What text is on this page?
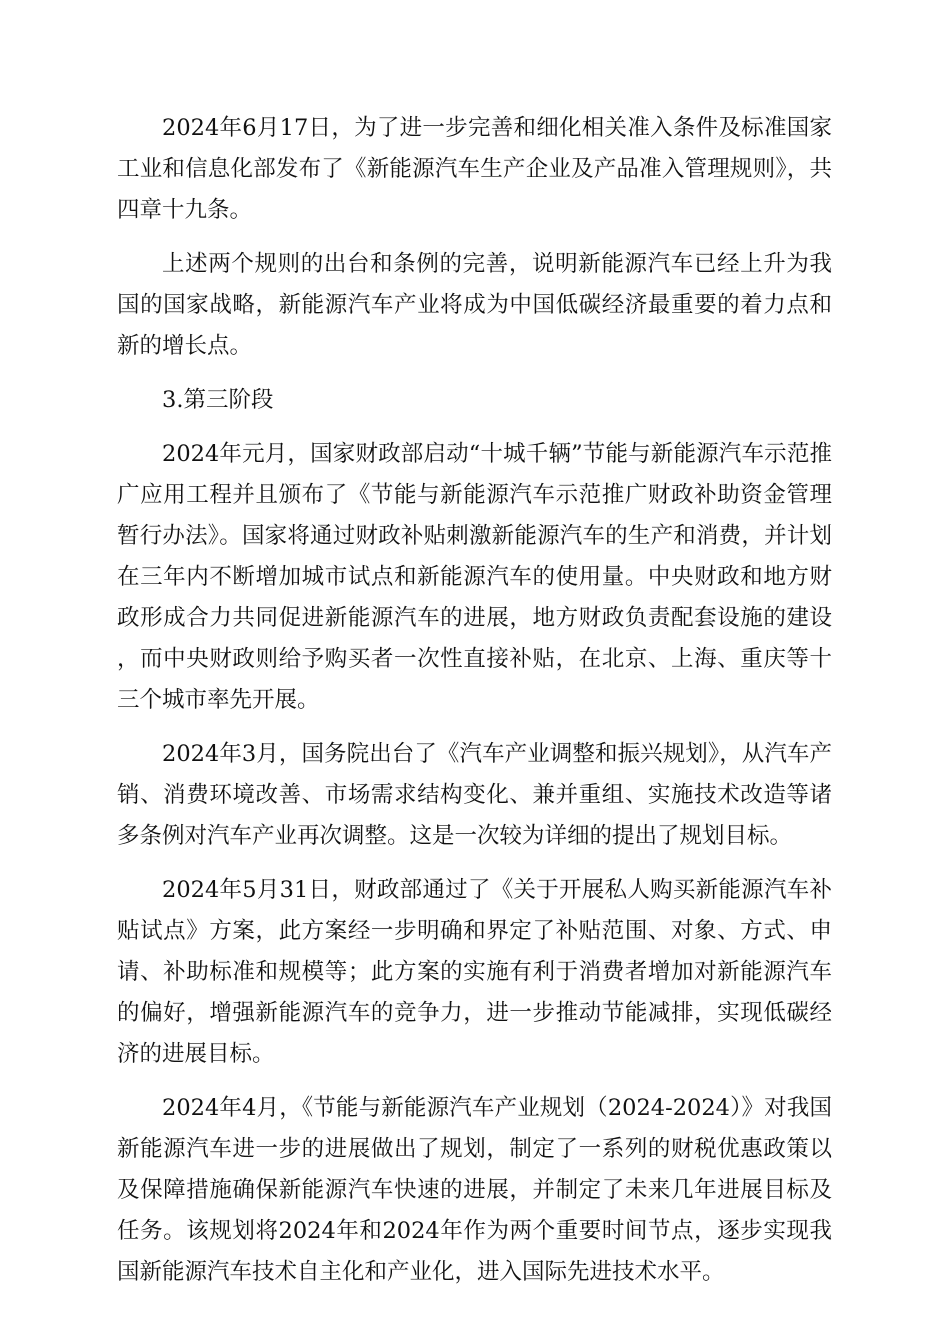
2024年6月17日，为了进一步完善和细化相关准入条件及标准国家工业和信息化部发布了《新能源汽车生产企业及产品准入管理规则》，共四章十九条。

上述两个规则的出台和条例的完善，说明新能源汽车已经上升为我国的国家战略，新能源汽车产业将成为中国低碳经济最重要的着力点和新的增长点。

3.第三阶段

2024年元月，国家财政部启动“十城千辆”节能与新能源汽车示范推广应用工程并且颁布了《节能与新能源汽车示范推广财政补助资金管理暂行办法》。国家将通过财政补贴刺激新能源汽车的生产和消费，并计划在三年内不断增加城市试点和新能源汽车的使用量。中央财政和地方财政形成合力共同促进新能源汽车的进展，地方财政负责配套设施的建设，而中央财政则给予购买者一次性直接补贴，在北京、上海、重庆等十三个城市率先开展。

2024年3月，国务院出台了《汽车产业调整和振兴规划》，从汽车产销、消费环境改善、市场需求结构变化、兼并重组、实施技术改造等诸多条例对汽车产业再次调整。这是一次较为详细的提出了规划目标。

2024年5月31日，财政部通过了《关于开展私人购买新能源汽车补贴试点》方案，此方案经一步明确和界定了补贴范围、对象、方式、申请、补助标准和规模等；此方案的实施有利于消费者增加对新能源汽车的偏好，增强新能源汽车的竞争力，进一步推动节能减排，实现低碳经济的进展目标。

2024年4月，《节能与新能源汽车产业规划（2024-2024）》对我国新能源汽车进一步的进展做出了规划，制定了一系列的财税优惠政策以及保障措施确保新能源汽车快速的进展，并制定了未来几年进展目标及任务。该规划将2024年和2024年作为两个重要时间节点，逐步实现我国新能源汽车技术自主化和产业化，进入国际先进技术水平。
